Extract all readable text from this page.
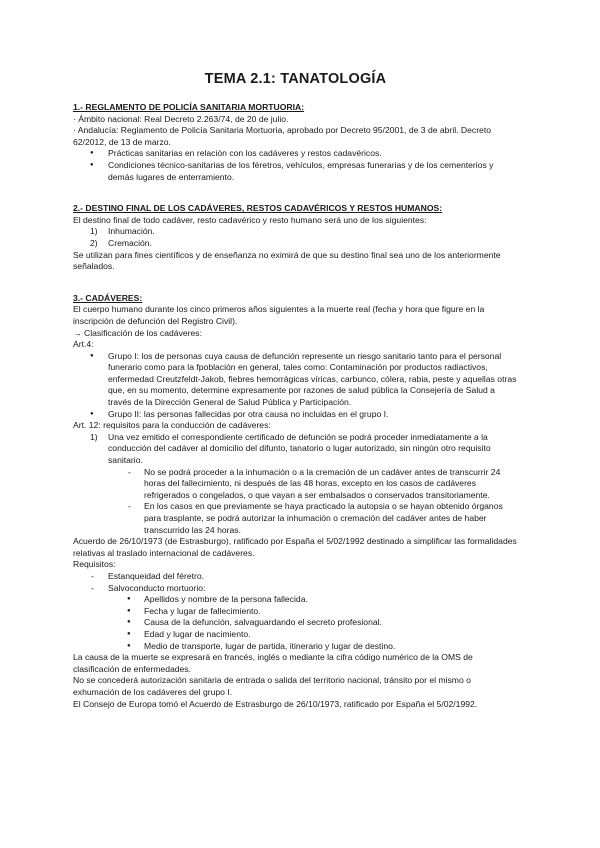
TEMA 2.1: TANATOLOGÍA

1.- REGLAMENTO DE POLICÍA SANITARIA MORTUORIA:

· Ámbito nacional: Real Decreto 2.263/74, de 20 de julio.

· Andalucía: Reglamento de Policía Sanitaria Mortuoria, aprobado por Decreto 95/2001, de 3 de abril. Decreto 62/2012, de 13 de marzo.

● Prácticas sanitarias en relación con los cadáveres y restos cadavéricos.
● Condiciones técnico-sanitarias de los féretros, vehículos, empresas funerarias y de los cementerios y demás lugares de enterramiento.

2.- DESTINO FINAL DE LOS CADÁVERES, RESTOS CADAVÉRICOS Y RESTOS HUMANOS:

El destino final de todo cadáver, resto cadavérico y resto humano será uno de los siguientes:

1) Inhumación.
2) Cremación.

Se utilizan para fines científicos y de enseñanza no eximirá de que su destino final sea uno de los anteriormente señalados.

3.- CADÁVERES:

El cuerpo humano durante los cinco primeros años siguientes a la muerte real (fecha y hora que figure en la inscripción de defunción del Registro Civil).

→ Clasificación de los cadáveres:

Art.4:

● Grupo I: los de personas cuya causa de defunción represente un riesgo sanitario tanto para el personal funerario como para la fpoblación en general, tales como: Contaminación por productos radiactivos, enfermedad Creutzfeldt-Jakob, fiebres hemorrágicas víricas, carbunco, cólera, rabia, peste y aquellas otras que, en su momento, determine expresamente por razones de salud pública la Consejería de Salud a través de la Dirección General de Salud Pública y Participación.
● Grupo II: las personas fallecidas por otra causa no incluidas en el grupo I.

Art. 12: requisitos para la conducción de cadáveres:

1) Una vez emitido el correspondiente certificado de defunción se podrá proceder inmediatamente a la conducción del cadáver al domicilio del difunto, tanatorio o lugar autorizado, sin ningún otro requisito sanitario.
- No se podrá proceder a la inhumación o a la cremación de un cadáver antes de transcurrir 24 horas del fallecimiento, ni después de las 48 horas, excepto en los casos de cadáveres refrigerados o congelados, o que vayan a ser embalsados o conservados transitoriamente.
- En los casos en que previamente se haya practicado la autopsia o se hayan obtenido órganos para trasplante, se podrá autorizar la inhumación o cremación del cadáver antes de haber transcurrido las 24 horas.

Acuerdo de 26/10/1973 (de Estrasburgo), ratificado por España el 5/02/1992 destinado a simplificar las formalidades relativas al traslado internacional de cadáveres.

Requisitos:

- Estanqueidad del féretro.
- Salvoconducto mortuorio:
● Apellidos y nombre de la persona fallecida.
● Fecha y lugar de fallecimiento.
● Causa de la defunción, salvaguardando el secreto profesional.
● Edad y lugar de nacimiento.
● Medio de transporte, lugar de partida, itinerario y lugar de destino.

La causa de la muerte se expresará en francés, inglés o mediante la cifra código numérico de la OMS de clasificación de enfermedades.

No se concederá autorización sanitaria de entrada o salida del territorio nacional, tránsito por el mismo o exhumación de los cadáveres del grupo I.

El Consejo de Europa tomó el Acuerdo de Estrasburgo de 26/10/1973, ratificado por España el 5/02/1992.
